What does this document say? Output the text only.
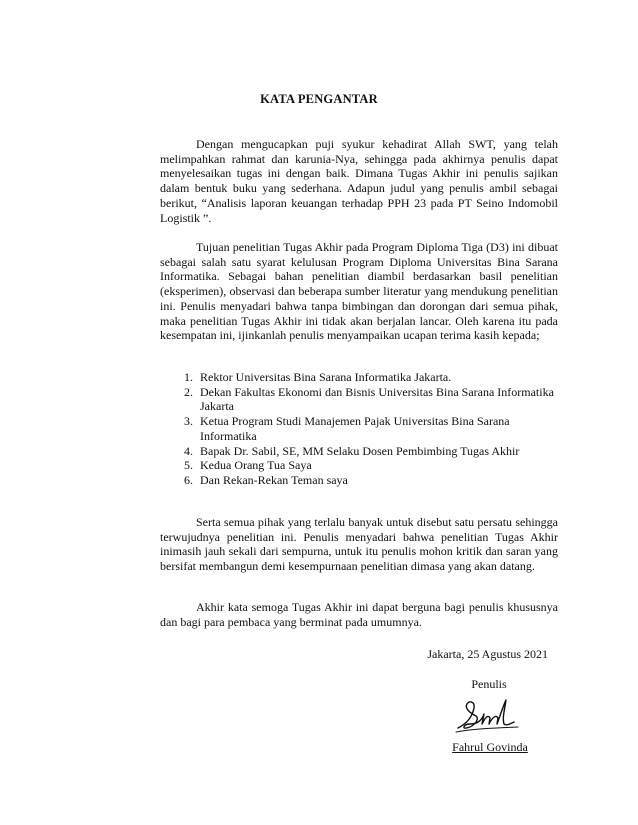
KATA PENGANTAR

Dengan mengucapkan puji syukur kehadirat Allah SWT, yang telah melimpahkan rahmat dan karunia-Nya, sehingga pada akhirnya penulis dapat menyelesaikan tugas ini dengan baik. Dimana Tugas Akhir ini penulis sajikan dalam bentuk buku yang sederhana. Adapun judul yang penulis ambil sebagai berikut, “Analisis laporan keuangan terhadap PPH 23 pada PT Seino Indomobil Logistik ”.

Tujuan penelitian Tugas Akhir pada Program Diploma Tiga (D3) ini dibuat sebagai salah satu syarat kelulusan Program Diploma Universitas Bina Sarana Informatika. Sebagai bahan penelitian diambil berdasarkan basil penelitian (eksperimen), observasi dan beberapa sumber literatur yang mendukung penelitian ini. Penulis menyadari bahwa tanpa bimbingan dan dorongan dari semua pihak, maka penelitian Tugas Akhir ini tidak akan berjalan lancar. Oleh karena itu pada kesempatan ini, ijinkanlah penulis menyampaikan ucapan terima kasih kepada;

1. Rektor Universitas Bina Sarana Informatika Jakarta.
2. Dekan Fakultas Ekonomi dan Bisnis Universitas Bina Sarana Informatika Jakarta
3. Ketua Program Studi Manajemen Pajak Universitas Bina Sarana Informatika
4. Bapak Dr. Sabil, SE, MM Selaku Dosen Pembimbing Tugas Akhir
5. Kedua Orang Tua Saya
6. Dan Rekan-Rekan Teman saya

Serta semua pihak yang terlalu banyak untuk disebut satu persatu sehingga terwujudnya penelitian ini. Penulis menyadari bahwa penelitian Tugas Akhir inimasih jauh sekali dari sempurna, untuk itu penulis mohon kritik dan saran yang bersifat membangun demi kesempurnaan penelitian dimasa yang akan datang.

Akhir kata semoga Tugas Akhir ini dapat berguna bagi penulis khususnya dan bagi para pembaca yang berminat pada umumnya.

Jakarta, 25 Agustus 2021
Penulis
Fahrul Govinda
